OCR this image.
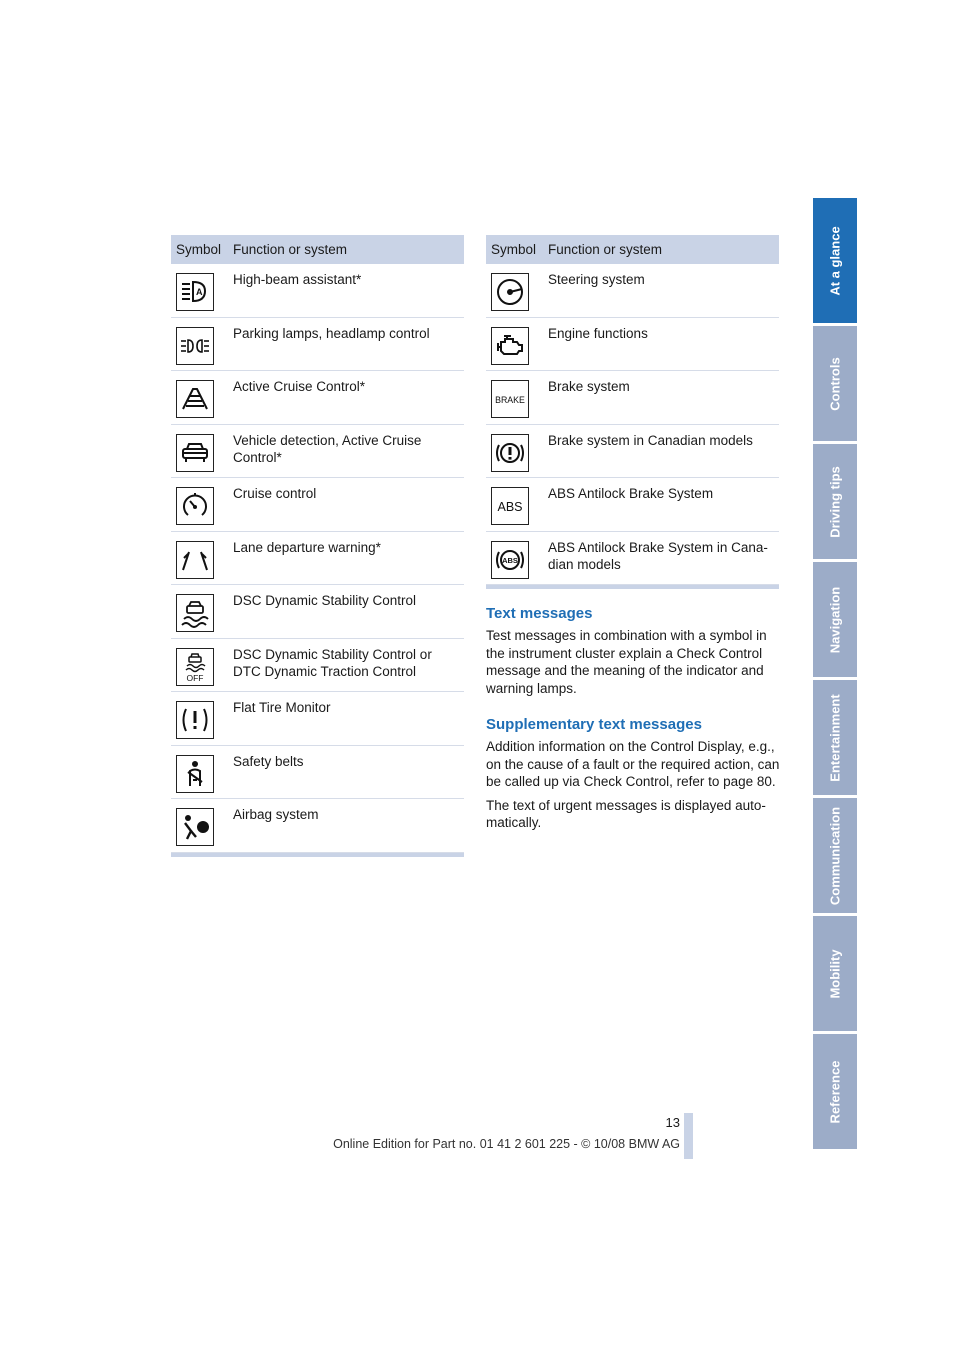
Symbol Function or system
A
High-beam assistant*
Parking lamps, headlamp control
Active Cruise Control*
Vehicle detection, Active Cruise Control*
Cruise control
Lane departure warning*
DSC Dynamic Stability Control
OFF
DSC Dynamic Stability Control or DTC Dynamic Traction Control
Flat Tire Monitor
Safety belts
Airbag system
Symbol Function or system
Steering system
Engine functions
BRAKE
Brake system
Brake system in Canadian models
ABS
ABS Antilock Brake System
ABS
ABS Antilock Brake System in Cana-dian models
Text messages

Test messages in combination with a symbol in the instrument cluster explain a Check Control message and the meaning of the indicator and warning lamps.

Supplementary text messages

Addition information on the Control Display, e.g., on the cause of a fault or the required action, can be called up via Check Control, refer to page 80.

The text of urgent messages is displayed auto-matically.

At a glance
Controls
Driving tips
Navigation
Entertainment
Communication
Mobility
Reference
13
Online Edition for Part no. 01 41 2 601 225 - © 10/08 BMW AG
